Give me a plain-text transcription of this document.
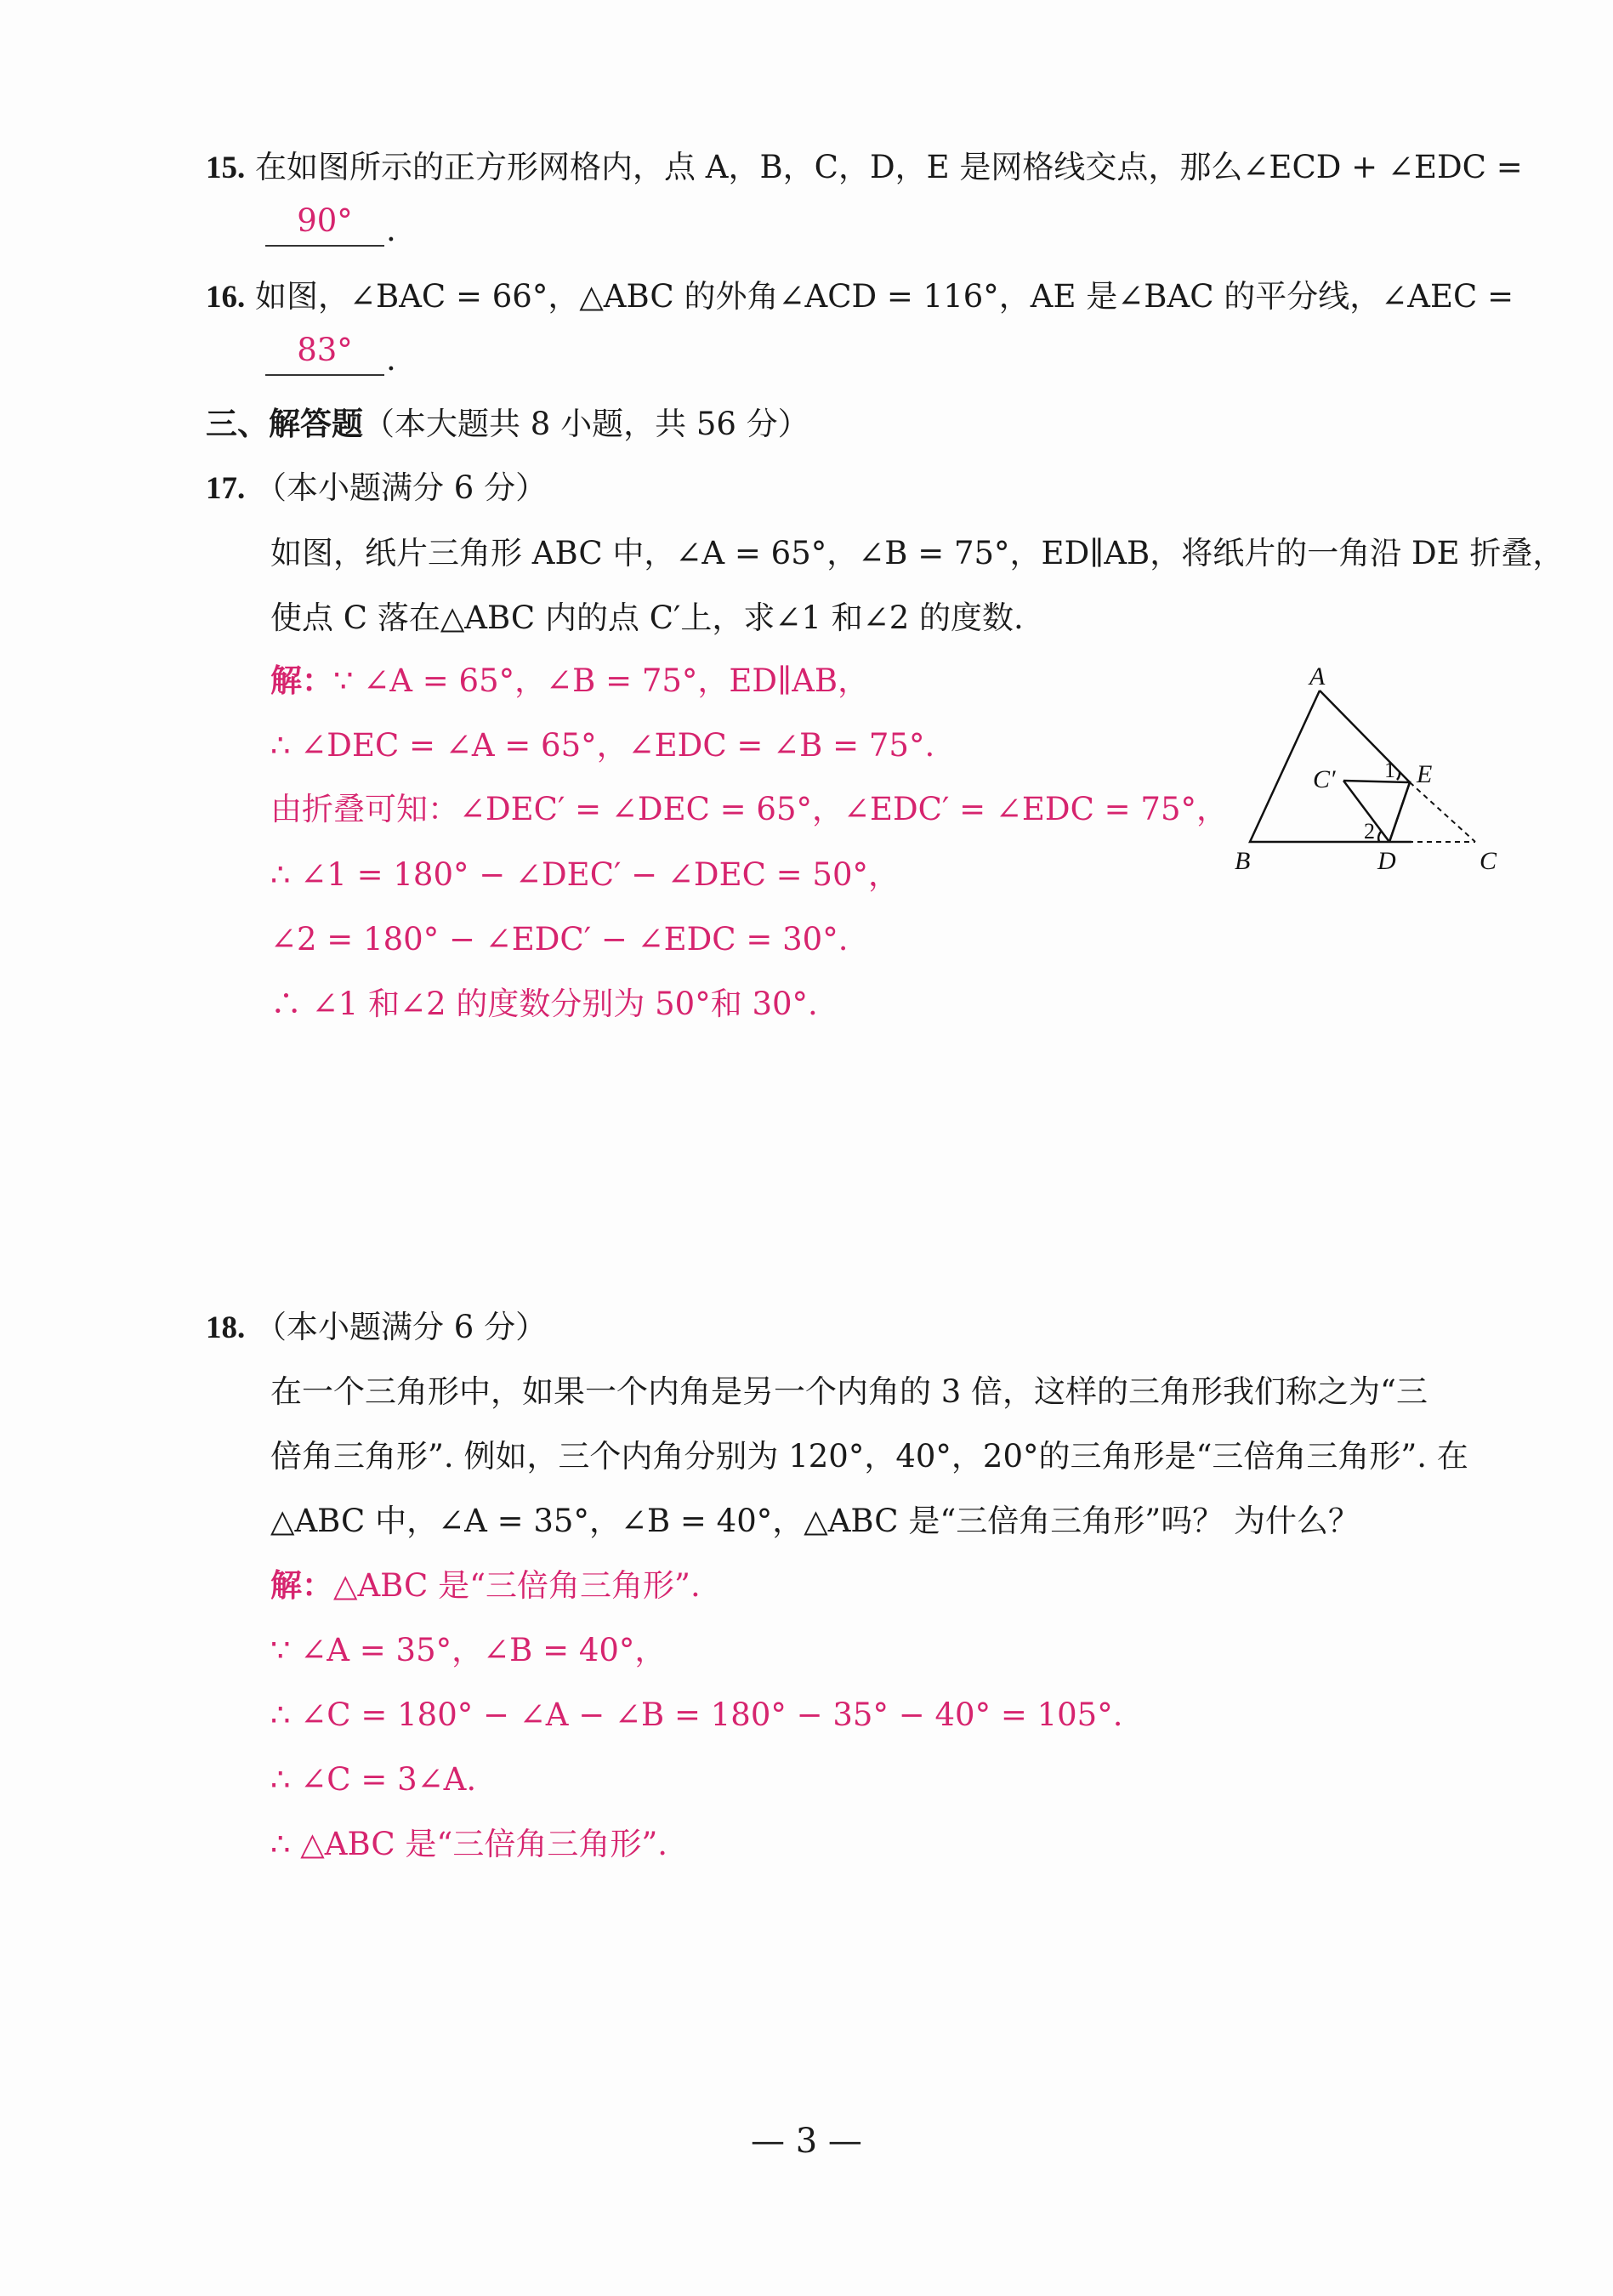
15. 在如图所示的正方形网格内，点 A，B，C，D，E 是网格线交点，那么∠ECD + ∠EDC =
90°	.
16. 如图，∠BAC = 66°，△ABC 的外角∠ACD = 116°，AE 是∠BAC 的平分线，∠AEC =
83°	.
三、解答题（本大题共 8 小题，共 56 分）
17. （本小题满分 6 分）
如图，纸片三角形 ABC 中，∠A = 65°，∠B = 75°，ED∥AB，将纸片的一角沿 DE 折叠，
使点 C 落在△ABC 内的点 C′上，求∠1 和∠2 的度数.
解：∵ ∠A = 65°，∠B = 75°，ED∥AB，
∴ ∠DEC = ∠A = 65°，∠EDC = ∠B = 75°.
由折叠可知：∠DEC′ = ∠DEC = 65°，∠EDC′ = ∠EDC = 75°，
∴ ∠1 = 180° − ∠DEC′ − ∠DEC = 50°，
∠2 = 180° − ∠EDC′ − ∠EDC = 30°.
∴ ∠1 和∠2 的度数分别为 50°和 30°.
A
B	C
D
E
C′ 1
2
18. （本小题满分 6 分）
在一个三角形中，如果一个内角是另一个内角的 3 倍，这样的三角形我们称之为“三
倍角三角形”. 例如，三个内角分别为 120°，40°，20°的三角形是“三倍角三角形”. 在
△ABC 中，∠A = 35°，∠B = 40°，△ABC 是“三倍角三角形”吗？ 为什么？
解：△ABC 是“三倍角三角形”.
∵ ∠A = 35°，∠B = 40°，
∴ ∠C = 180° − ∠A − ∠B = 180° − 35° − 40° = 105°.
∴ ∠C = 3∠A.
∴ △ABC 是“三倍角三角形”.
— 3 —
